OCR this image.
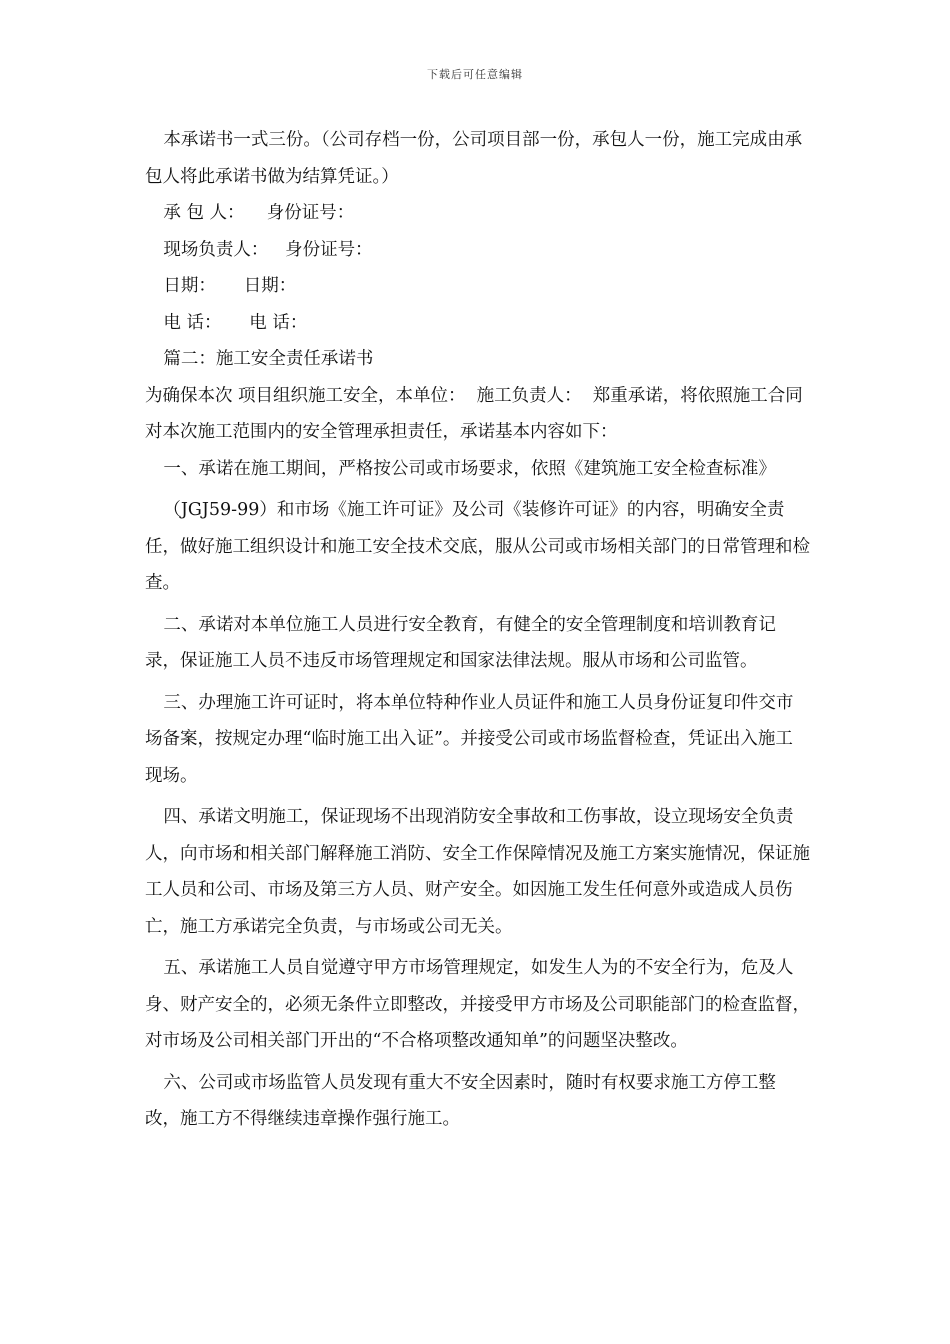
下载后可任意编辑

本承诺书一式三份。（公司存档一份，公司项目部一份，承包人一份，施工完成由承包人将此承诺书做为结算凭证。）

承 包 人：    身份证号：

现场负责人：   身份证号：

日期：     日期：

电 话：     电 话：

篇二：施工安全责任承诺书

为确保本次 项目组织施工安全，本单位：  施工负责人：  郑重承诺，将依照施工合同对本次施工范围内的安全管理承担责任，承诺基本内容如下：

一、承诺在施工期间，严格按公司或市场要求，依照《建筑施工安全检查标准》

（JGJ59-99）和市场《施工许可证》及公司《装修许可证》的内容，明确安全责任，做好施工组织设计和施工安全技术交底，服从公司或市场相关部门的日常管理和检查。

二、承诺对本单位施工人员进行安全教育，有健全的安全管理制度和培训教育记录，保证施工人员不违反市场管理规定和国家法律法规。服从市场和公司监管。

三、办理施工许可证时，将本单位特种作业人员证件和施工人员身份证复印件交市场备案，按规定办理“临时施工出入证”。并接受公司或市场监督检查，凭证出入施工现场。

四、承诺文明施工，保证现场不出现消防安全事故和工伤事故，设立现场安全负责人，向市场和相关部门解释施工消防、安全工作保障情况及施工方案实施情况，保证施工人员和公司、市场及第三方人员、财产安全。如因施工发生任何意外或造成人员伤亡，施工方承诺完全负责，与市场或公司无关。

五、承诺施工人员自觉遵守甲方市场管理规定，如发生人为的不安全行为，危及人身、财产安全的，必须无条件立即整改，并接受甲方市场及公司职能部门的检查监督，对市场及公司相关部门开出的“不合格项整改通知单”的问题坚决整改。

六、公司或市场监管人员发现有重大不安全因素时，随时有权要求施工方停工整改，施工方不得继续违章操作强行施工。
